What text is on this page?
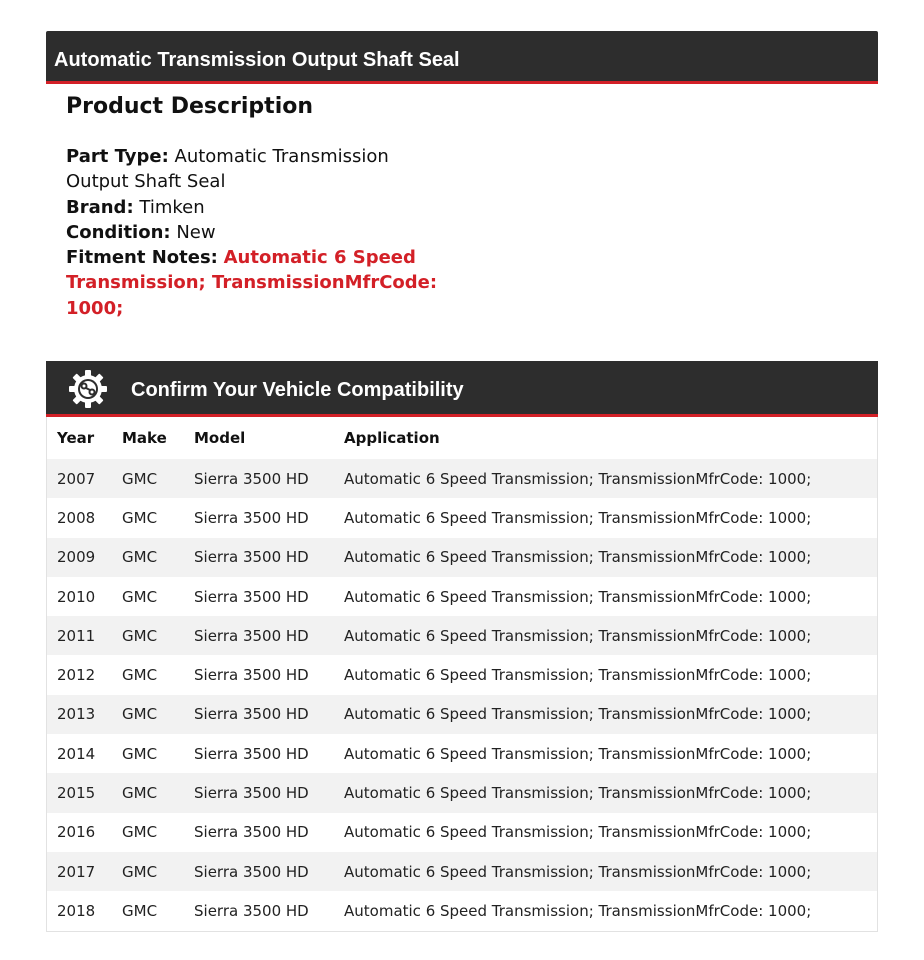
Automatic Transmission Output Shaft Seal
Product Description
Part Type: Automatic Transmission Output Shaft Seal
Brand: Timken
Condition: New
Fitment Notes: Automatic 6 Speed Transmission; TransmissionMfrCode: 1000;
Confirm Your Vehicle Compatibility
Year	Make	Model	Application
2007	GMC	Sierra 3500 HD	Automatic 6 Speed Transmission; TransmissionMfrCode: 1000;
2008	GMC	Sierra 3500 HD	Automatic 6 Speed Transmission; TransmissionMfrCode: 1000;
2009	GMC	Sierra 3500 HD	Automatic 6 Speed Transmission; TransmissionMfrCode: 1000;
2010	GMC	Sierra 3500 HD	Automatic 6 Speed Transmission; TransmissionMfrCode: 1000;
2011	GMC	Sierra 3500 HD	Automatic 6 Speed Transmission; TransmissionMfrCode: 1000;
2012	GMC	Sierra 3500 HD	Automatic 6 Speed Transmission; TransmissionMfrCode: 1000;
2013	GMC	Sierra 3500 HD	Automatic 6 Speed Transmission; TransmissionMfrCode: 1000;
2014	GMC	Sierra 3500 HD	Automatic 6 Speed Transmission; TransmissionMfrCode: 1000;
2015	GMC	Sierra 3500 HD	Automatic 6 Speed Transmission; TransmissionMfrCode: 1000;
2016	GMC	Sierra 3500 HD	Automatic 6 Speed Transmission; TransmissionMfrCode: 1000;
2017	GMC	Sierra 3500 HD	Automatic 6 Speed Transmission; TransmissionMfrCode: 1000;
2018	GMC	Sierra 3500 HD	Automatic 6 Speed Transmission; TransmissionMfrCode: 1000;
